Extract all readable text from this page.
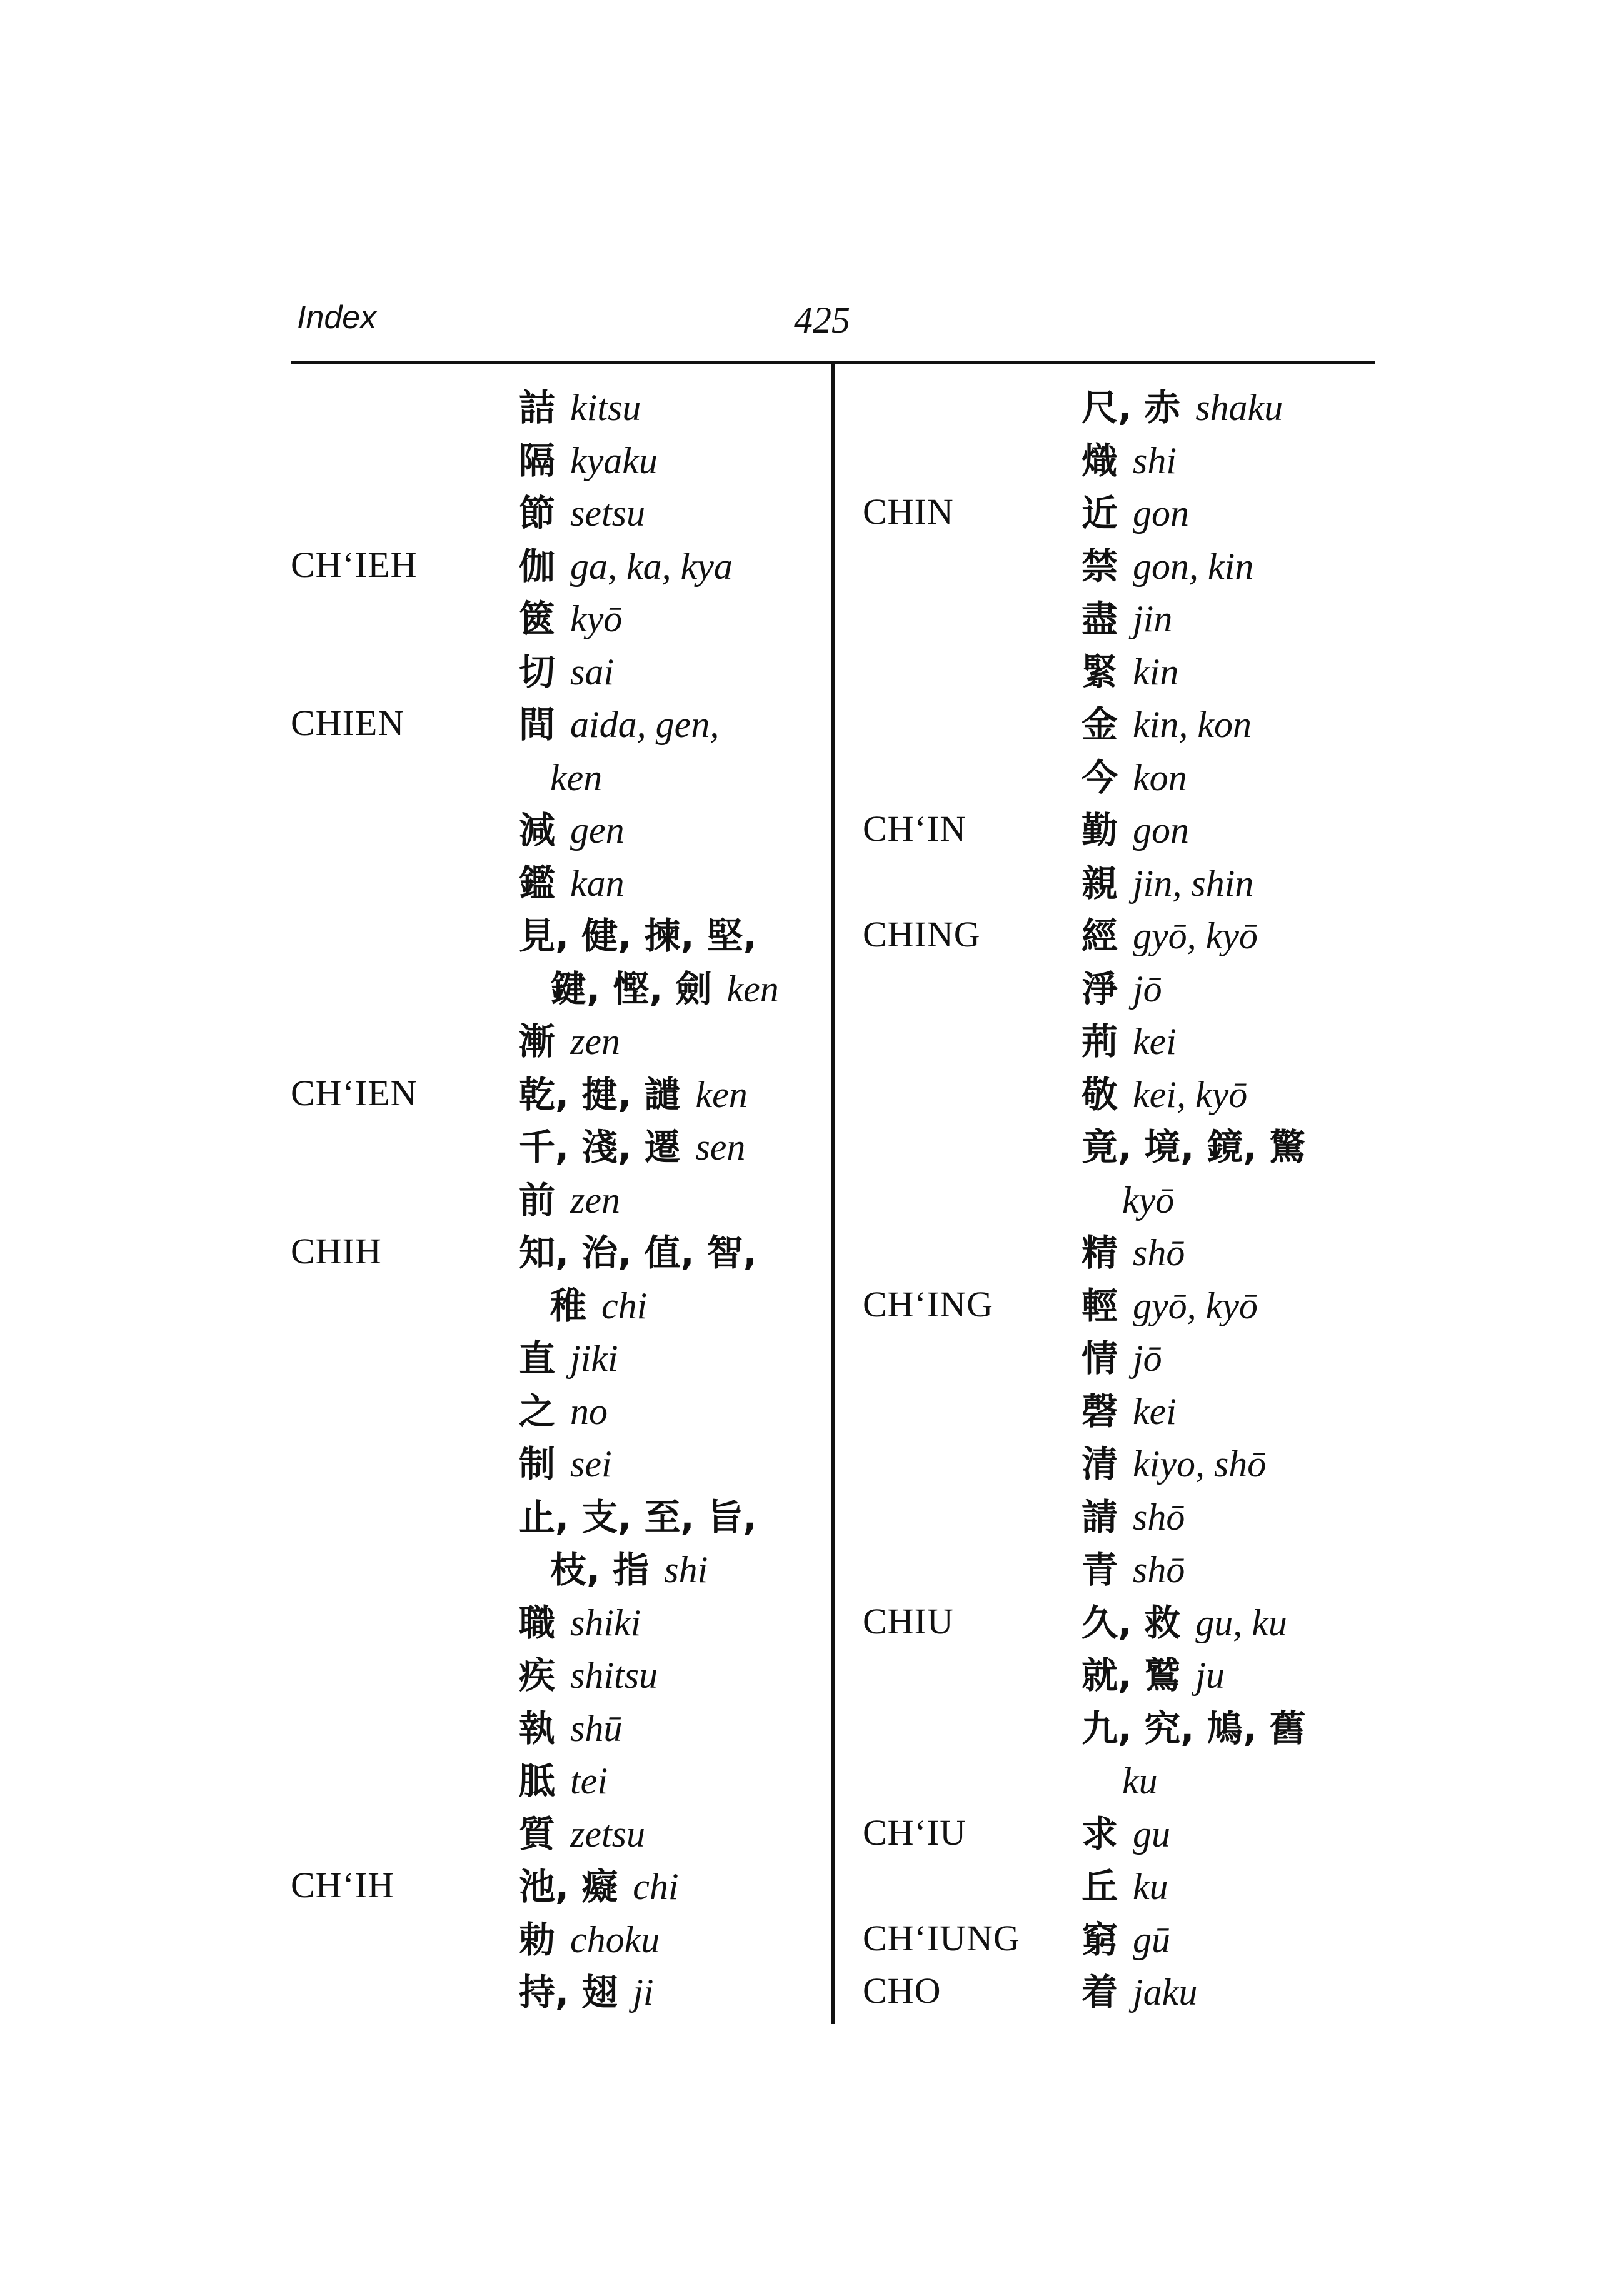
Index	425
詰 kitsu
隔 kyaku
節 setsu
CH‘IEH	伽 ga, ka, kya
篋 kyō
切 sai
CHIEN	間 aida, gen,
ken
減 gen
鑑 kan
見, 健, 揀, 堅,
鍵, 慳, 劍 ken
漸 zen
CH‘IEN	乾, 揵, 譴 ken
千, 淺, 遷 sen
前 zen
CHIH	知, 治, 值, 智,
稚 chi
直 jiki
之 no
制 sei
止, 支, 至, 旨,
枝, 指 shi
職 shiki
疾 shitsu
執 shū
胝 tei
質 zetsu
CH‘IH	池, 癡 chi
勅 choku
持, 翅 ji
尺, 赤 shaku
熾 shi
CHIN	近 gon
禁 gon, kin
盡 jin
緊 kin
金 kin, kon
今 kon
CH‘IN	勤 gon
親 jin, shin
CHING	經 gyō, kyō
淨 jō
荊 kei
敬 kei, kyō
竟, 境, 鏡, 驚
kyō
精 shō
CH‘ING 輕 gyō, kyō
情 jō
磬 kei
清 kiyo, shō
請 shō
青 shō
CHIU	久, 救 gu, ku
就, 鷲 ju
九, 究, 鳩, 舊
ku
CH‘IU	求 gu
丘 ku
CH‘IUNG 窮 gū
CHO	着 jaku
